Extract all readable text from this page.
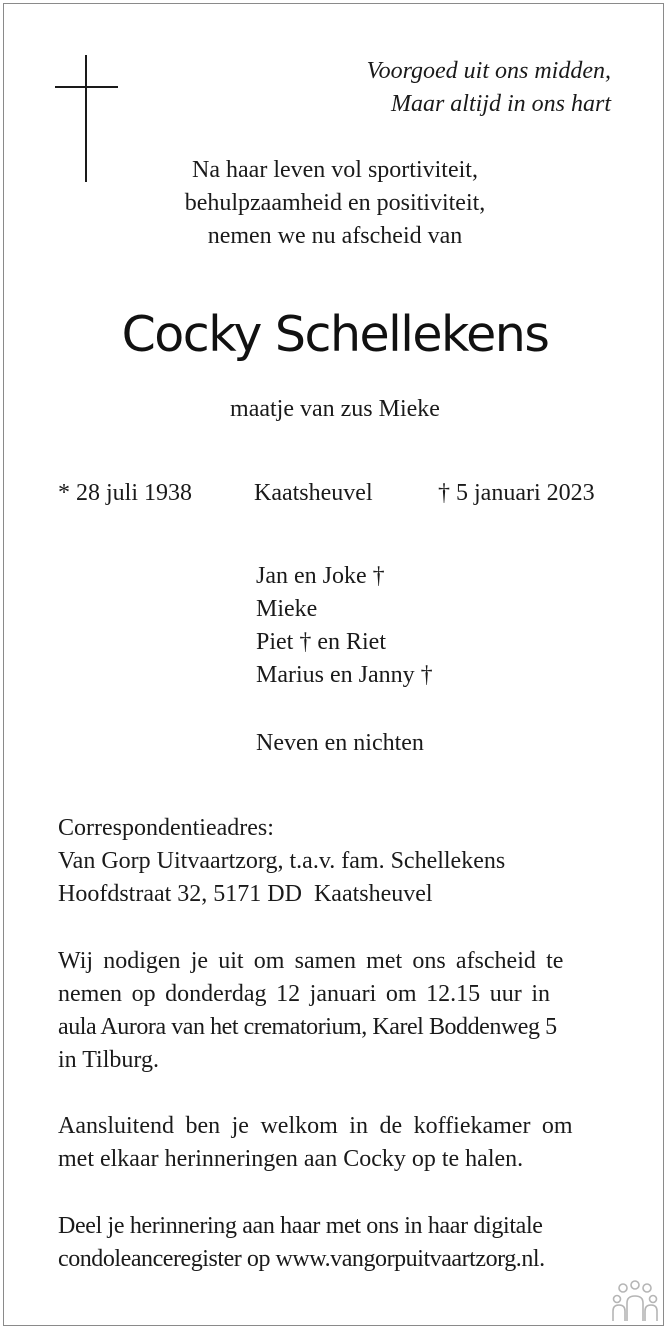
Voorgoed uit ons midden,
Maar altijd in ons hart
Na haar leven vol sportiviteit,
behulpzaamheid en positiviteit,
nemen we nu afscheid van
Cocky Schellekens
maatje van zus Mieke
* 28 juli 1938	Kaatsheuvel	† 5 januari 2023
Jan en Joke †
Mieke
Piet † en Riet
Marius en Janny †
Neven en nichten
Correspondentieadres:
Van Gorp Uitvaartzorg, t.a.v. fam. Schellekens
Hoofdstraat 32, 5171 DD  Kaatsheuvel
Wij nodigen je uit om samen met ons afscheid te
nemen op donderdag 12 januari om 12.15 uur in
aula Aurora van het crematorium, Karel Boddenweg 5
in Tilburg.
Aansluitend ben je welkom in de koffiekamer om
met elkaar herinneringen aan Cocky op te halen.
Deel je herinnering aan haar met ons in haar digitale
condoleanceregister op www.vangorpuitvaartzorg.nl.
